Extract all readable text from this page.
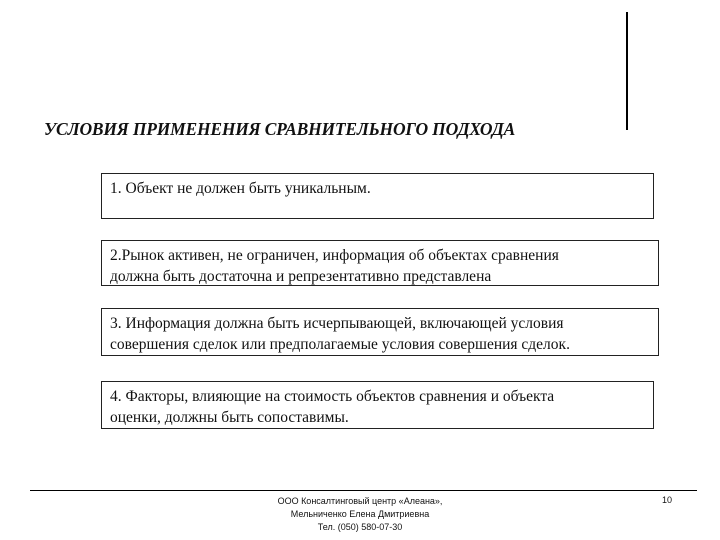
УСЛОВИЯ ПРИМЕНЕНИЯ СРАВНИТЕЛЬНОГО ПОДХОДА
1. Объект не должен быть уникальным.
2.Рынок активен, не ограничен, информация об объектах сравнения
должна быть достаточна и репрезентативно представлена
3. Информация должна быть исчерпывающей, включающей условия
совершения сделок или предполагаемые условия совершения сделок.
4. Факторы, влияющие на стоимость объектов сравнения и объекта
оценки, должны быть сопоставимы.
ООО Консалтинговый центр «Алеана»,
Мельниченко Елена Дмитриевна
Тел. (050) 580-07-30
10
